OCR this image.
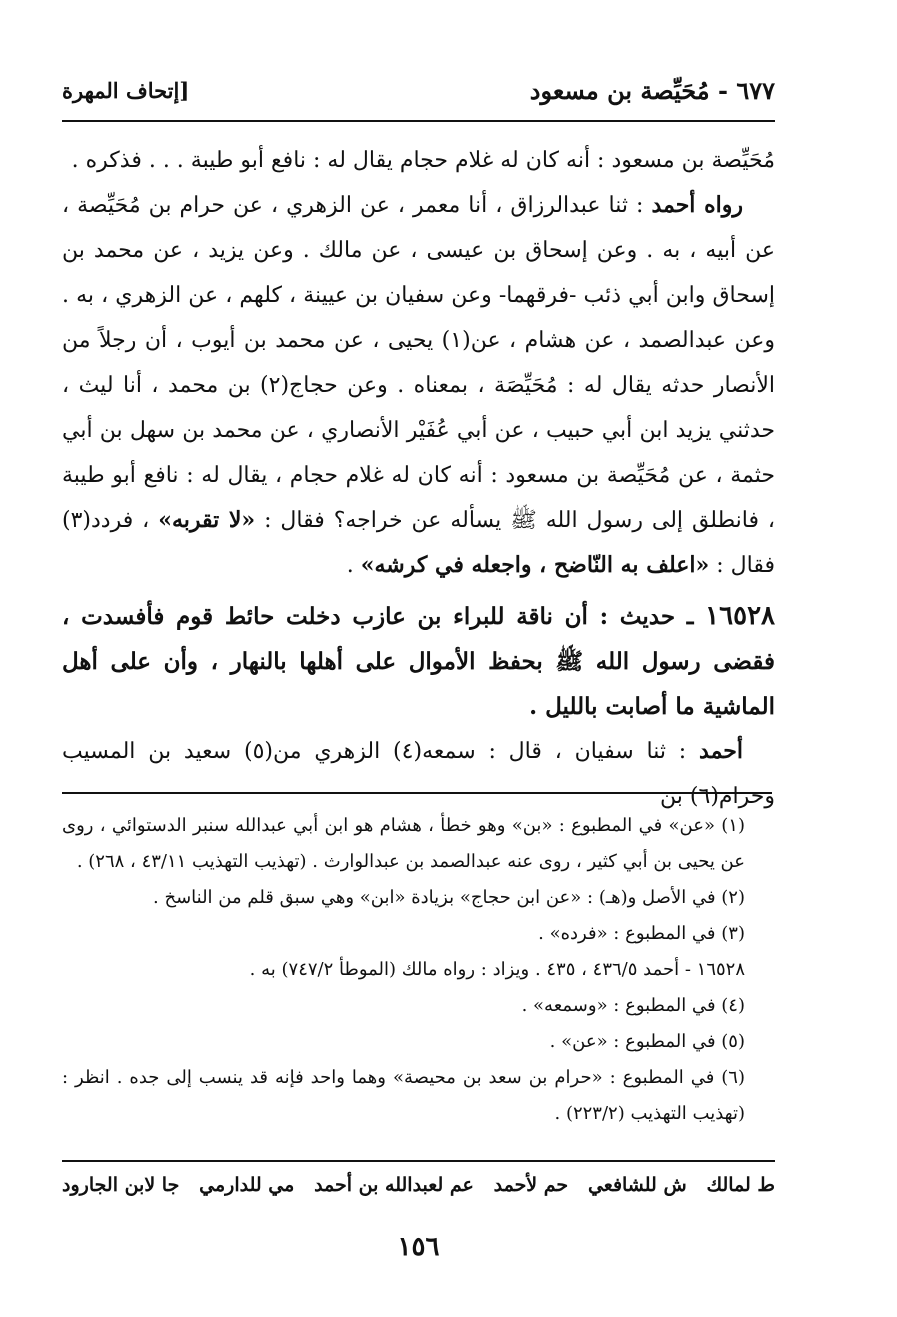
٦٧٧ - مُحَيِّصة بن مسعود
[إتحاف المهرة

مُحَيِّصة بن مسعود : أنه كان له غلام حجام يقال له : نافع أبو طيبة . . . فذكره .

رواه أحمد : ثنا عبدالرزاق ، أنا معمر ، عن الزهري ، عن حرام بن مُحَيِّصة ، عن أبيه ، به . وعن إسحاق بن عيسى ، عن مالك . وعن يزيد ، عن محمد بن إسحاق وابن أبي ذئب -فرقهما- وعن سفيان بن عيينة ، كلهم ، عن الزهري ، به . وعن عبدالصمد ، عن هشام ، عن(١) يحيى ، عن محمد بن أيوب ، أن رجلاً من الأنصار حدثه يقال له : مُحَيِّصَة ، بمعناه . وعن حجاج(٢) بن محمد ، أنا ليث ، حدثني يزيد ابن أبي حبيب ، عن أبي عُفَيْر الأنصاري ، عن محمد بن سهل بن أبي حثمة ، عن مُحَيِّصة بن مسعود : أنه كان له غلام حجام ، يقال له : نافع أبو طيبة ، فانطلق إلى رسول الله ﷺ يسأله عن خراجه؟ فقال : «لا تقربه» ، فردد(٣) فقال : «اعلف به النّاضح ، واجعله في كرشه» .

١٦٥٢٨ ـ حديث : أن ناقة للبراء بن عازب دخلت حائط قوم فأفسدت ، فقضى رسول الله ﷺ بحفظ الأموال على أهلها بالنهار ، وأن على أهل الماشية ما أصابت بالليل .

أحمد : ثنا سفيان ، قال : سمعه(٤) الزهري من(٥) سعيد بن المسيب وحرام(٦) بن

(١) «عن» في المطبوع : «بن» وهو خطأ ، هشام هو ابن أبي عبدالله سنبر الدستوائي ، روى عن يحيى بن أبي كثير ، روى عنه عبدالصمد بن عبدالوارث . (تهذيب التهذيب ٤٣/١١ ، ٢٦٨) .

(٢) في الأصل و(هـ) : «عن ابن حجاج» بزيادة «ابن» وهي سبق قلم من الناسخ .

(٣) في المطبوع : «فرده» .

١٦٥٢٨ - أحمد ٤٣٦/٥ ، ٤٣٥ . ويزاد : رواه مالك (الموطأ ٧٤٧/٢) به .

(٤) في المطبوع : «وسمعه» .

(٥) في المطبوع : «عن» .

(٦) في المطبوع : «حرام بن سعد بن محيصة» وهما واحد فإنه قد ينسب إلى جده . انظر : (تهذيب التهذيب (٢٢٣/٢) .

ط لمالك
ش للشافعي
حم لأحمد
عم لعبدالله بن أحمد
مي للدارمي
جا لابن الجارود
١٥٦
